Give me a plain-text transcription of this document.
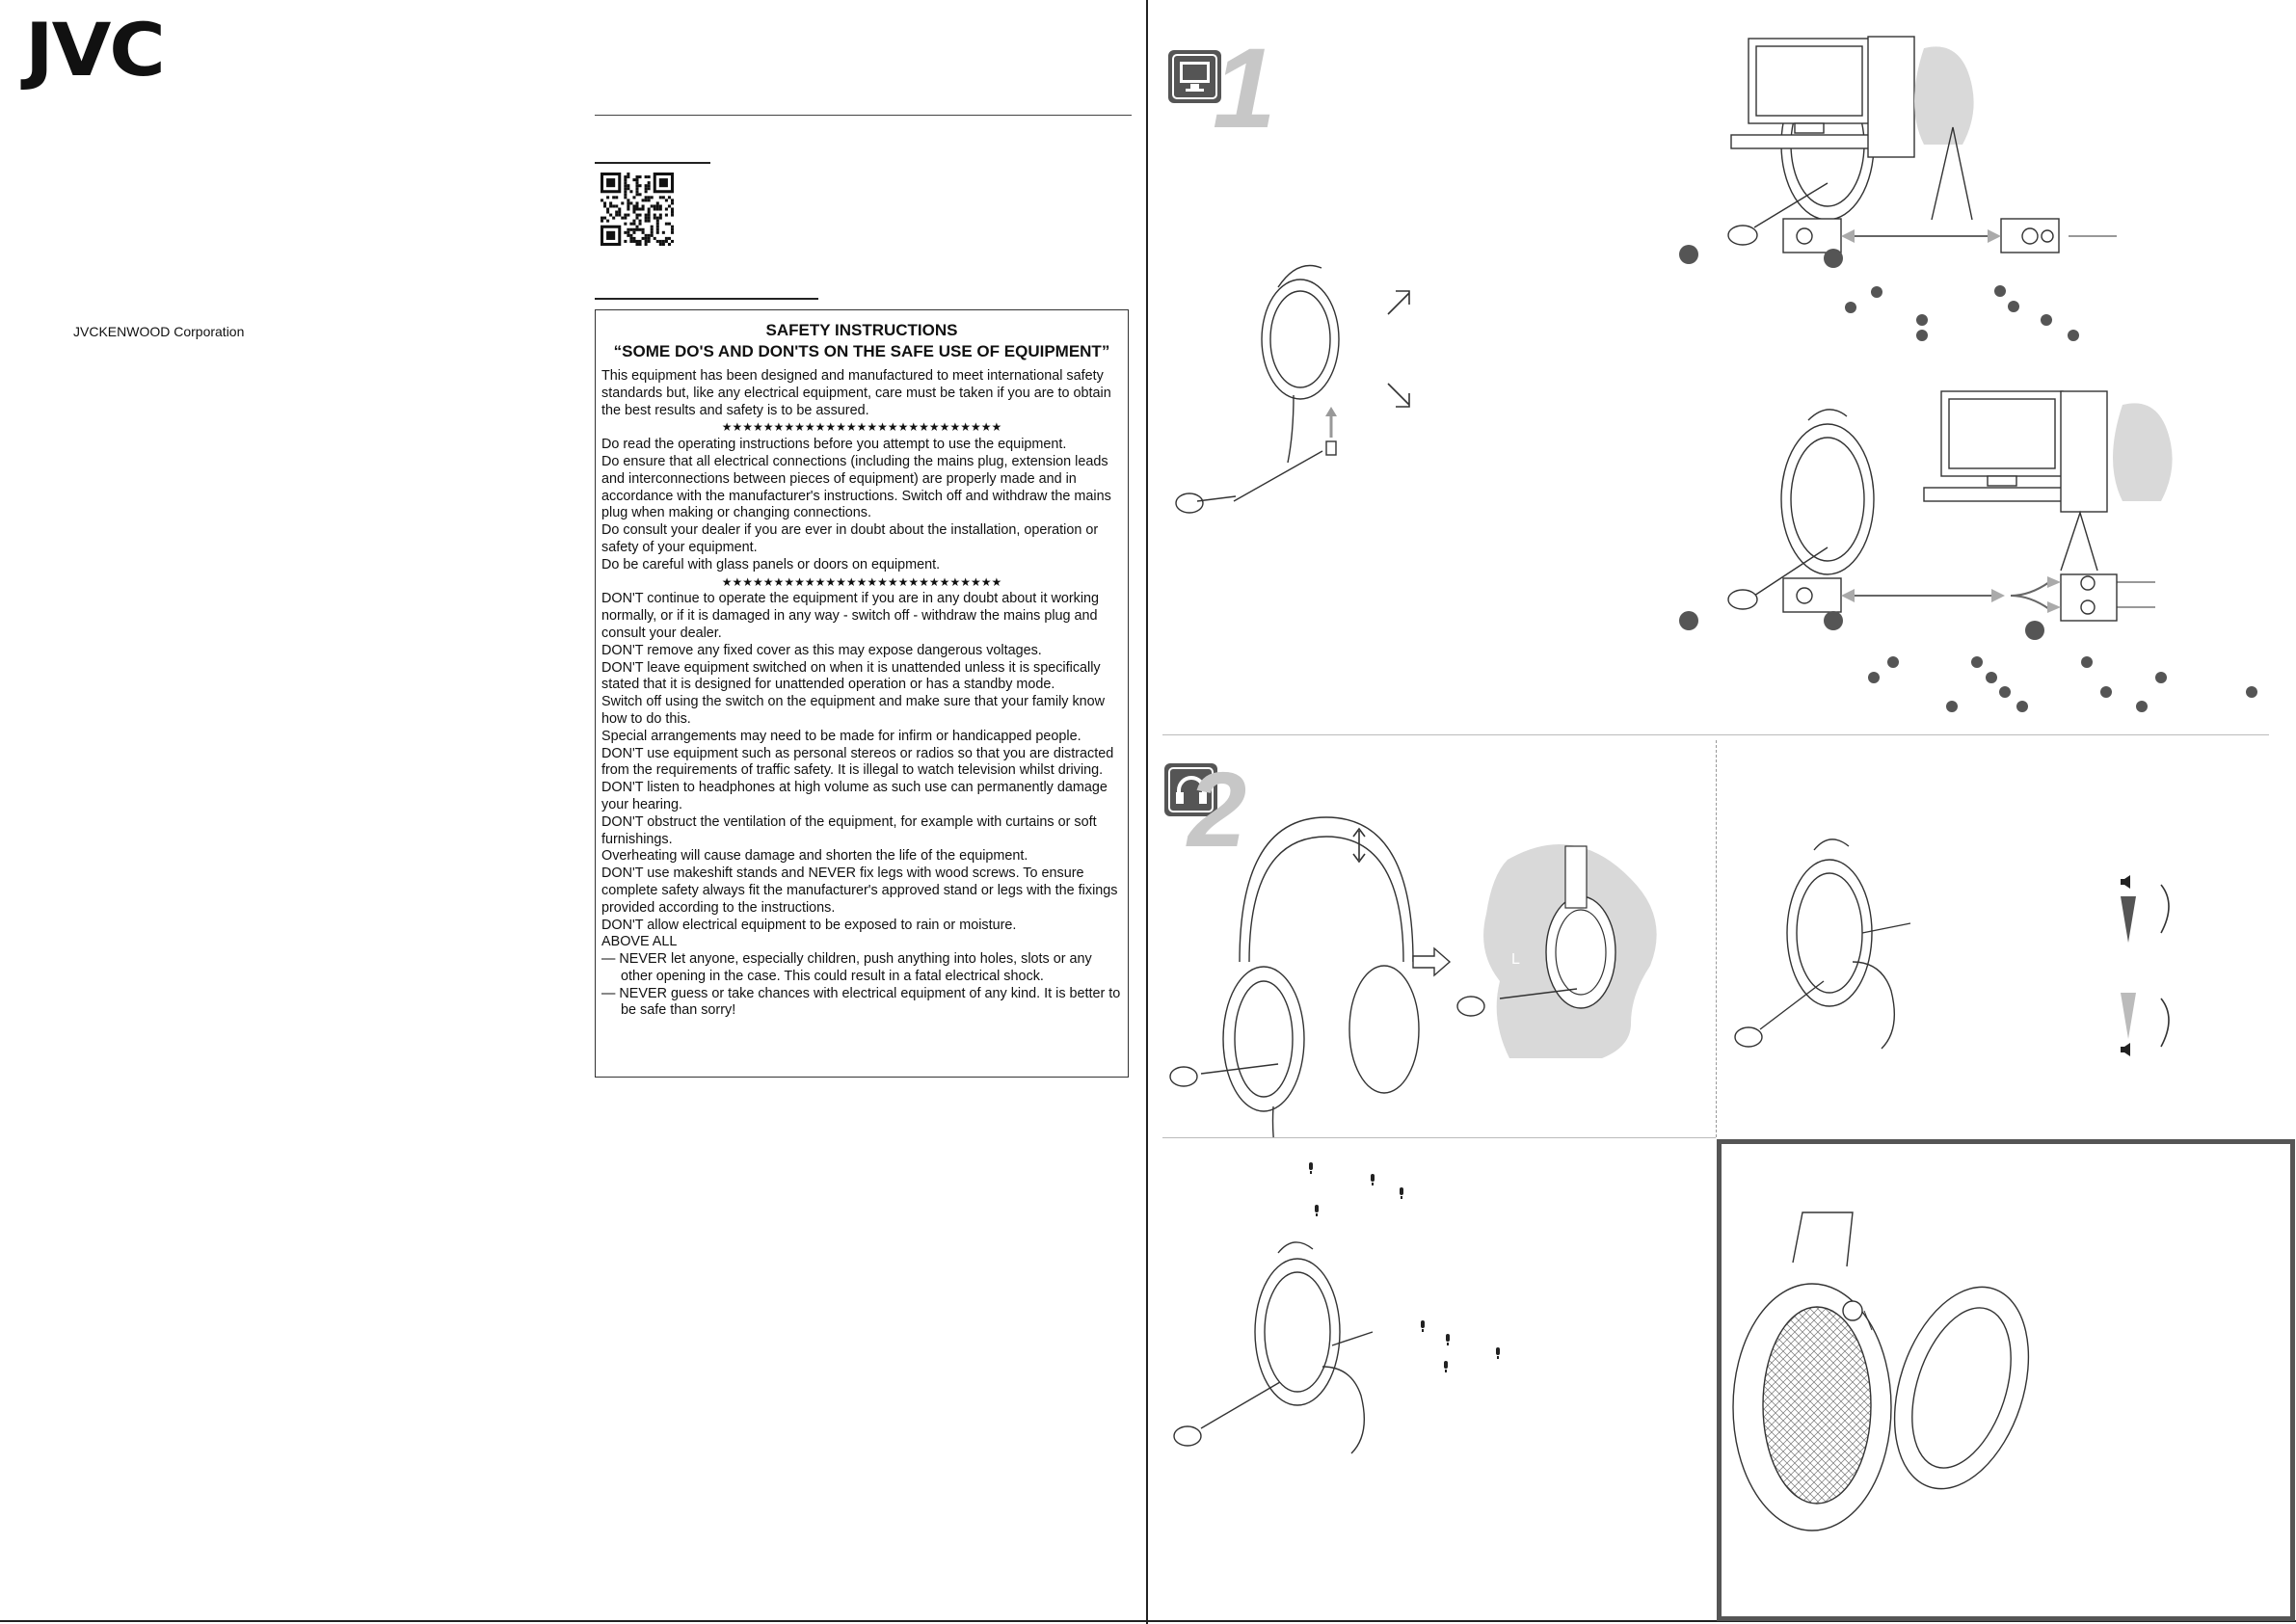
JVC
JVCKENWOOD Corporation	SAFETY INSTRUCTIONS
“SOME DO'S AND DON'TS ON THE SAFE USE OF EQUIPMENT”

This equipment has been designed and manufactured to meet international safety standards but, like any electrical equipment, care must be taken if you are to obtain the best results and safety is to be assured.

★★★★★★★★★★★★★★★★★★★★★★★★★★★

Do read the operating instructions before you attempt to use the equipment.

Do ensure that all electrical connections (including the mains plug, extension leads and interconnections between pieces of equipment) are properly made and in accordance with the manufacturer's instructions. Switch off and withdraw the mains plug when making or changing connections.

Do consult your dealer if you are ever in doubt about the installation, operation or safety of your equipment.

Do be careful with glass panels or doors on equipment.

★★★★★★★★★★★★★★★★★★★★★★★★★★★

DON'T continue to operate the equipment if you are in any doubt about it working normally, or if it is damaged in any way - switch off - withdraw the mains plug and consult your dealer.

DON'T remove any fixed cover as this may expose dangerous voltages.

DON'T leave equipment switched on when it is unattended unless it is specifically stated that it is designed for unattended operation or has a standby mode.

Switch off using the switch on the equipment and make sure that your family know how to do this.

Special arrangements may need to be made for infirm or handicapped people.

DON'T use equipment such as personal stereos or radios so that you are distracted from the requirements of traffic safety. It is illegal to watch television whilst driving.

DON'T listen to headphones at high volume as such use can permanently damage your hearing.

DON'T obstruct the ventilation of the equipment, for example with curtains or soft furnishings.

Overheating will cause damage and shorten the life of the equipment.

DON'T use makeshift stands and NEVER fix legs with wood screws. To ensure complete safety always fit the manufacturer's approved stand or legs with the fixings provided according to the instructions.

DON'T allow electrical equipment to be exposed to rain or moisture.

ABOVE ALL

— NEVER let anyone, especially children, push anything into holes, slots or any other opening in the case. This could result in a fatal electrical shock.

— NEVER guess or take chances with electrical equipment of any kind. It is better to be safe than sorry!

1
2
L
